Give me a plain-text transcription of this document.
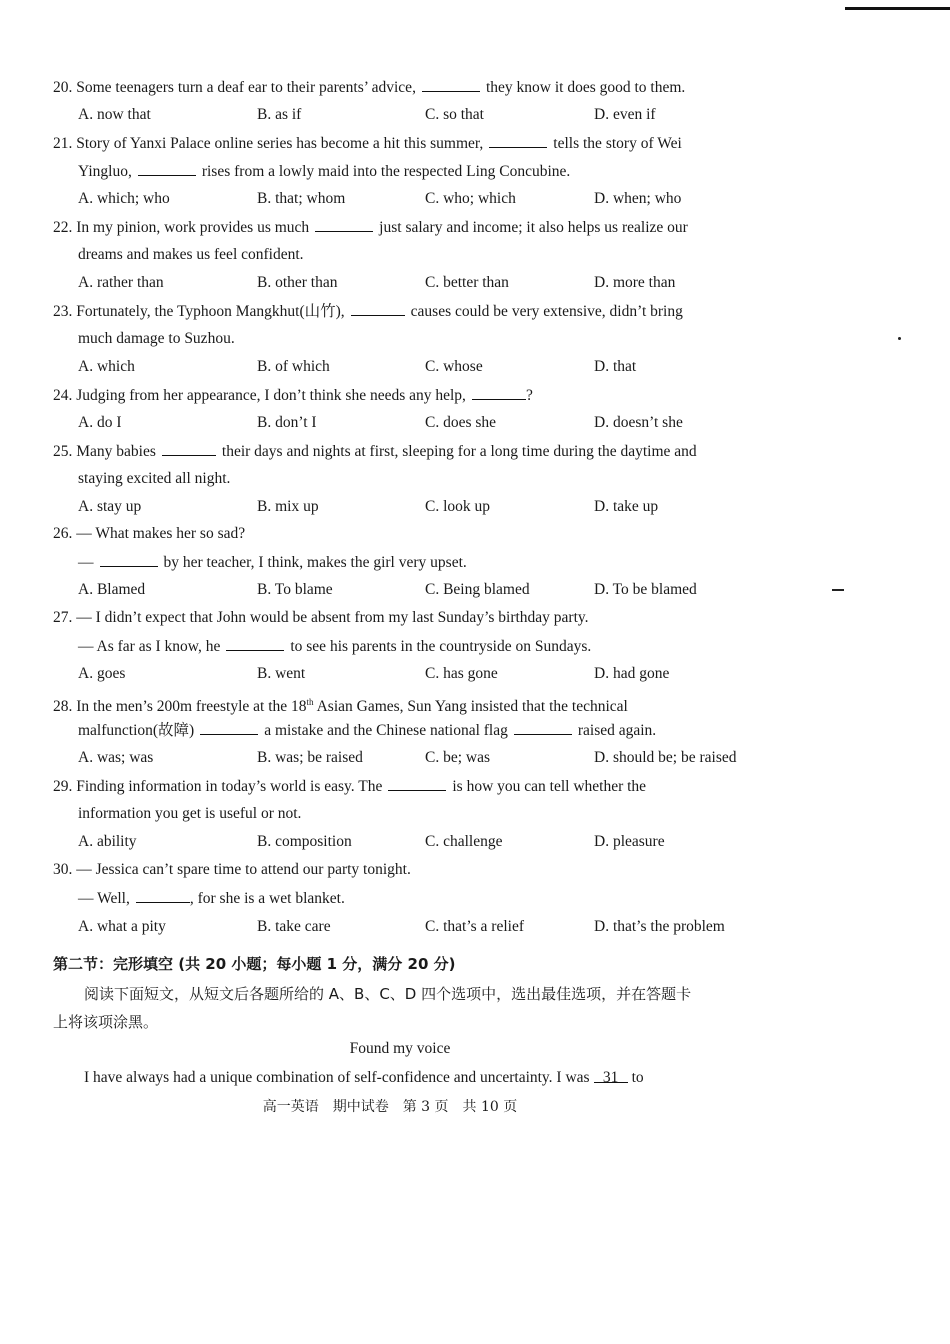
20. Some teenagers turn a deaf ear to their parents’ advice,	they know it does good to them.
A. now that	B. as if	C. so that	D. even if
21. Story of Yanxi Palace online series has become a hit this summer,	tells the story of Wei
Yingluo,	rises from a lowly maid into the respected Ling Concubine.
A. which; who	B. that; whom	C. who; which	D. when; who
22. In my pinion, work provides us much	just salary and income; it also helps us realize our
dreams and makes us feel confident.
A. rather than	B. other than	C. better than	D. more than
23. Fortunately, the Typhoon Mangkhut(山竹),	causes could be very extensive, didn’t bring
much damage to Suzhou.
A. which	B. of which	C. whose	D. that
24. Judging from her appearance, I don’t think she needs any help,	?
A. do I	B. don’t I	C. does she	D. doesn’t she
25. Many babies	their days and nights at first, sleeping for a long time during the daytime and
staying excited all night.
A. stay up	B. mix up	C. look up	D. take up
26. — What makes her so sad?
—	by her teacher, I think, makes the girl very upset.
A. Blamed	B. To blame	C. Being blamed	D. To be blamed
27. — I didn’t expect that John would be absent from my last Sunday’s birthday party.
— As far as I know, he	to see his parents in the countryside on Sundays.
A. goes	B. went	C. has gone	D. had gone
28. In the men’s 200m freestyle at the 18th Asian Games, Sun Yang insisted that the technical
malfunction(故障)	a mistake and the Chinese national flag	raised again.
A. was; was	B. was; be raised	C. be; was	D. should be; be raised
29. Finding information in today’s world is easy. The	is how you can tell whether the
information you get is useful or not.
A. ability	B. composition	C. challenge	D. pleasure
30. — Jessica can’t spare time to attend our party tonight.
— Well,	, for she is a wet blanket.
A. what a pity	B. take care	C. that’s a relief	D. that’s the problem
第二节：完形填空 (共 20 小题；每小题 1 分，满分 20 分)
阅读下面短文，从短文后各题所给的 A、B、C、D 四个选项中，选出最佳选项，并在答题卡
上将该项涂黑。
Found my voice
I have always had a unique combination of self-confidence and uncertainty. I was 31 to
高一英语　期中试卷　第 3 页　共 10 页
